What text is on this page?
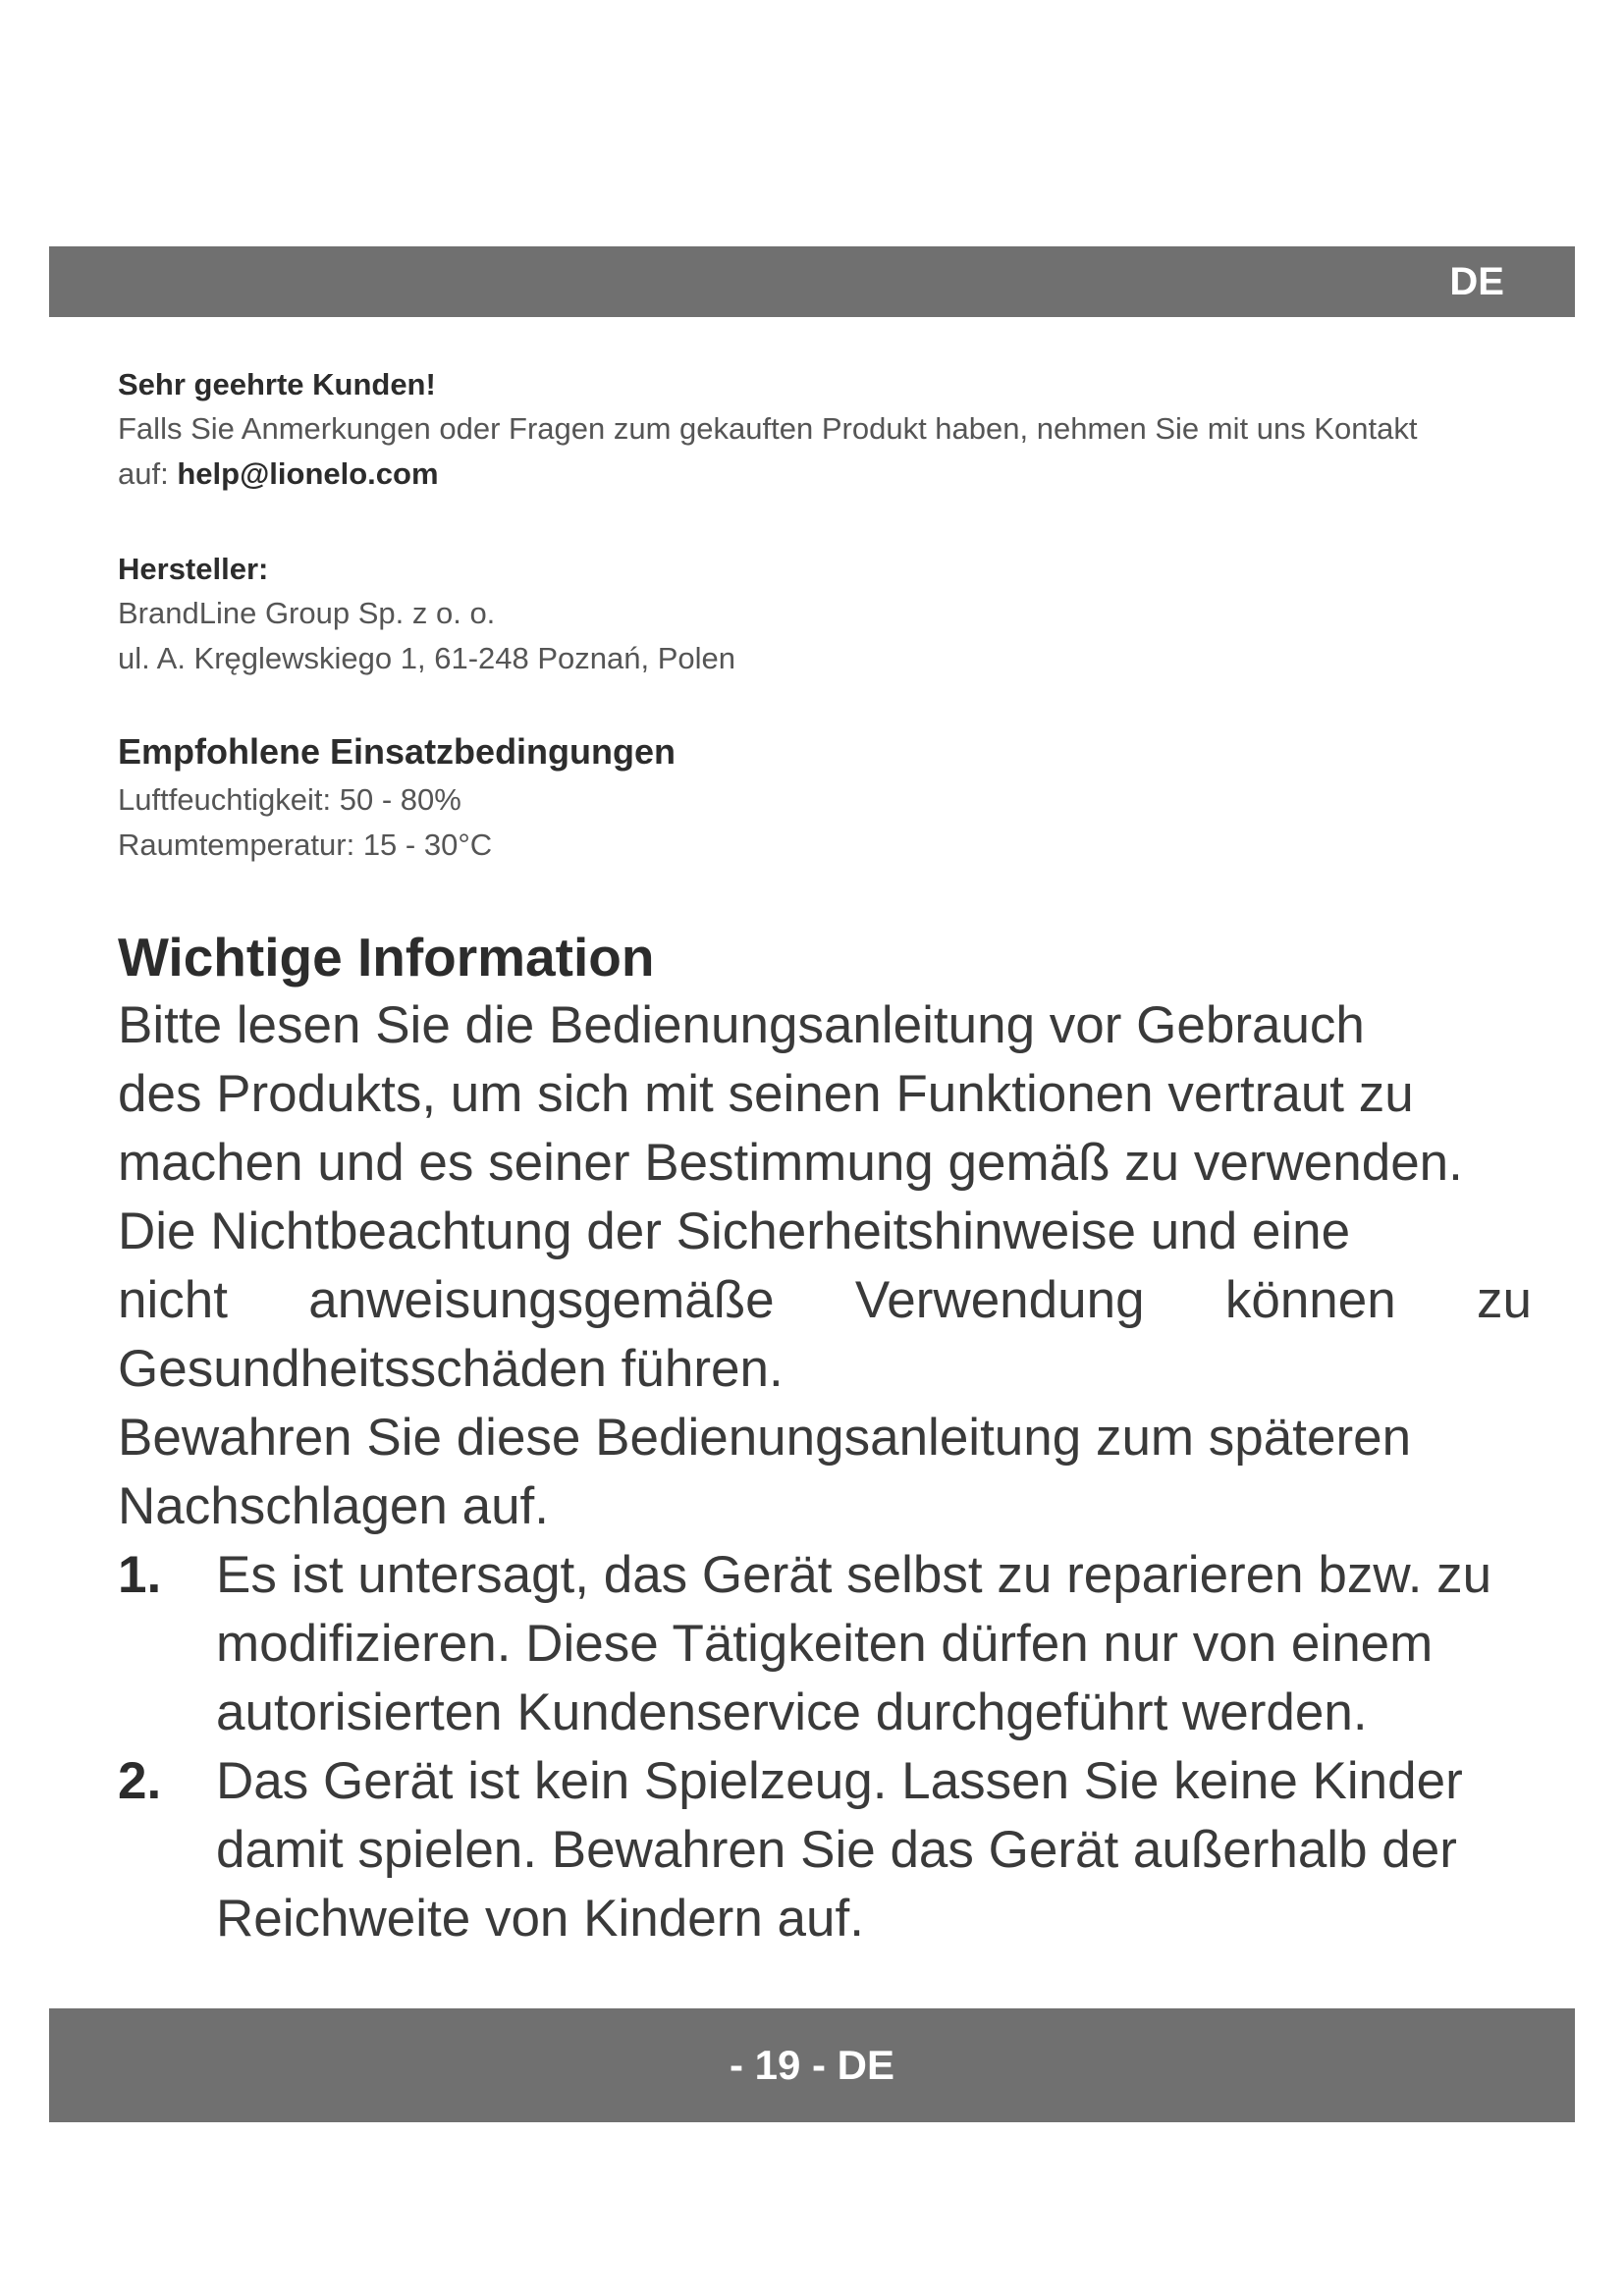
DE

Sehr geehrte Kunden!

Falls Sie Anmerkungen oder Fragen zum gekauften Produkt haben, nehmen Sie mit uns Kontakt

auf: help@lionelo.com

Hersteller:

BrandLine Group Sp. z o. o.

ul. A. Kręglewskiego 1, 61-248 Poznań, Polen

Empfohlene Einsatzbedingungen

Luftfeuchtigkeit: 50 - 80%

Raumtemperatur: 15 - 30°C

Wichtige Information

Bitte lesen Sie die Bedienungsanleitung vor Gebrauch

des Produkts, um sich mit seinen Funktionen vertraut zu

machen und es seiner Bestimmung gemäß zu verwenden.

Die Nichtbeachtung der Sicherheitshinweise und eine

nicht anweisungsgemäße Verwendung können zu

Gesundheitsschäden führen.

Bewahren Sie diese Bedienungsanleitung zum späteren

Nachschlagen auf.

1. Es ist untersagt, das Gerät selbst zu reparieren bzw. zu modifizieren. Diese Tätigkeiten dürfen nur von einem autorisierten Kundenservice durchgeführt werden.
2. Das Gerät ist kein Spielzeug. Lassen Sie keine Kinder damit spielen. Bewahren Sie das Gerät außerhalb der Reichweite von Kindern auf.
- 19 - DE
